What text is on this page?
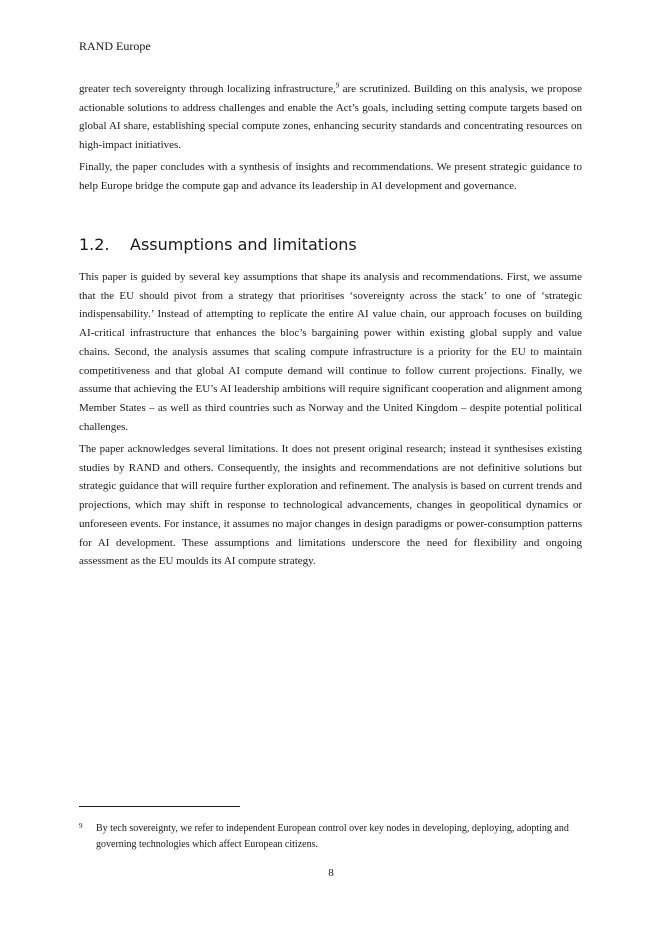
RAND Europe

greater tech sovereignty through localizing infrastructure,$^9$ are scrutinized. Building on this analysis, we propose actionable solutions to address challenges and enable the Act’s goals, including setting compute targets based on global AI share, establishing special compute zones, enhancing security standards and concentrating resources on high-impact initiatives.

Finally, the paper concludes with a synthesis of insights and recommendations. We present strategic guidance to help Europe bridge the compute gap and advance its leadership in AI development and governance.

1.2. Assumptions and limitations

This paper is guided by several key assumptions that shape its analysis and recommendations. First, we assume that the EU should pivot from a strategy that prioritises ‘sovereignty across the stack’ to one of ‘strategic indispensability.’ Instead of attempting to replicate the entire AI value chain, our approach focuses on building AI-critical infrastructure that enhances the bloc’s bargaining power within existing global supply and value chains. Second, the analysis assumes that scaling compute infrastructure is a priority for the EU to maintain competitiveness and that global AI compute demand will continue to follow current projections. Finally, we assume that achieving the EU’s AI leadership ambitions will require significant cooperation and alignment among Member States – as well as third countries such as Norway and the United Kingdom – despite potential political challenges.

The paper acknowledges several limitations. It does not present original research; instead it synthesises existing studies by RAND and others. Consequently, the insights and recommendations are not definitive solutions but strategic guidance that will require further exploration and refinement. The analysis is based on current trends and projections, which may shift in response to technological advancements, changes in geopolitical dynamics or unforeseen events. For instance, it assumes no major changes in design paradigms or power-consumption patterns for AI development. These assumptions and limitations underscore the need for flexibility and ongoing assessment as the EU moulds its AI compute strategy.

9 By tech sovereignty, we refer to independent European control over key nodes in developing, deploying, adopting and governing technologies which affect European citizens.
8
